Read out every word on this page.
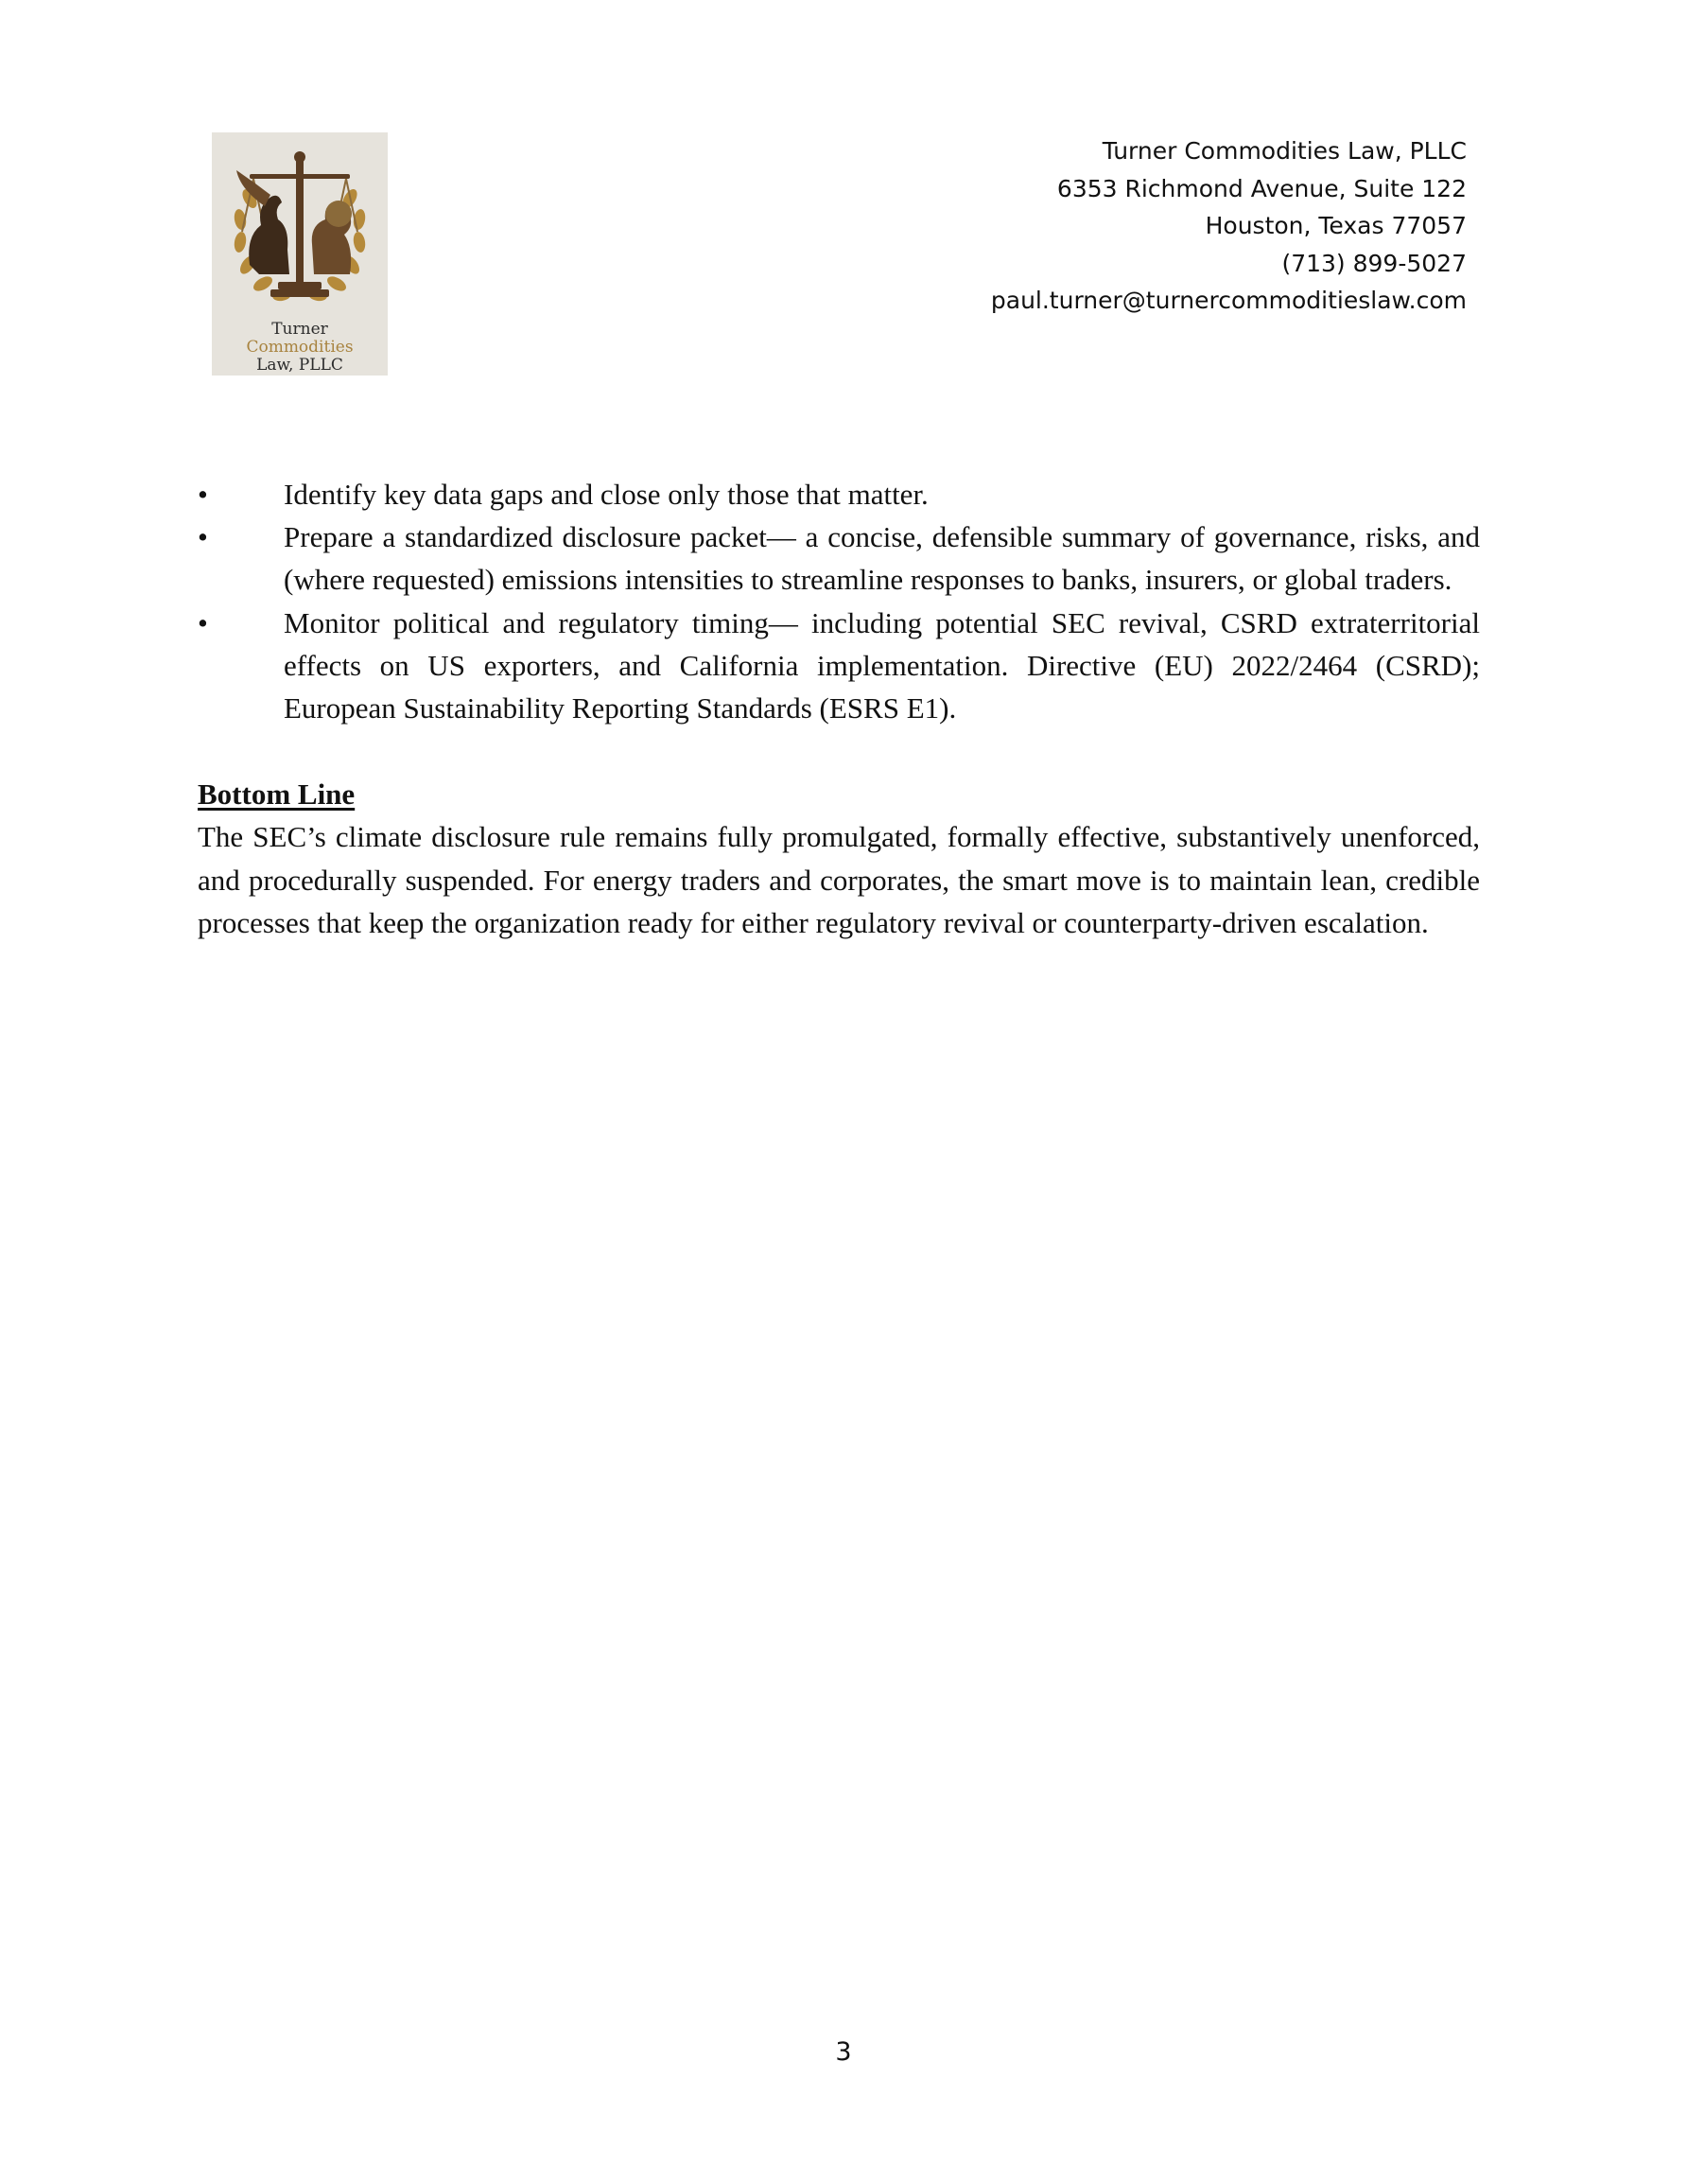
Turner
Commodities
Law, PLLC
Turner Commodities Law, PLLC
6353 Richmond Avenue, Suite 122
Houston, Texas 77057
(713) 899-5027
paul.turner@turnercommoditieslaw.com
•	Identify key data gaps and close only those that matter.
•	Prepare a standardized disclosure packet— a concise, defensible summary of governance, risks, and (where requested) emissions intensities to streamline responses to banks, insurers, or global traders.
•	Monitor political and regulatory timing— including potential SEC revival, CSRD extraterritorial effects on US exporters, and California implementation. Directive (EU) 2022/2464 (CSRD); European Sustainability Reporting Standards (ESRS E1).
Bottom Line

The SEC’s climate disclosure rule remains fully promulgated, formally effective, substantively unenforced, and procedurally suspended. For energy traders and corporates, the smart move is to maintain lean, credible processes that keep the organization ready for either regulatory revival or counterparty-driven escalation.

3
